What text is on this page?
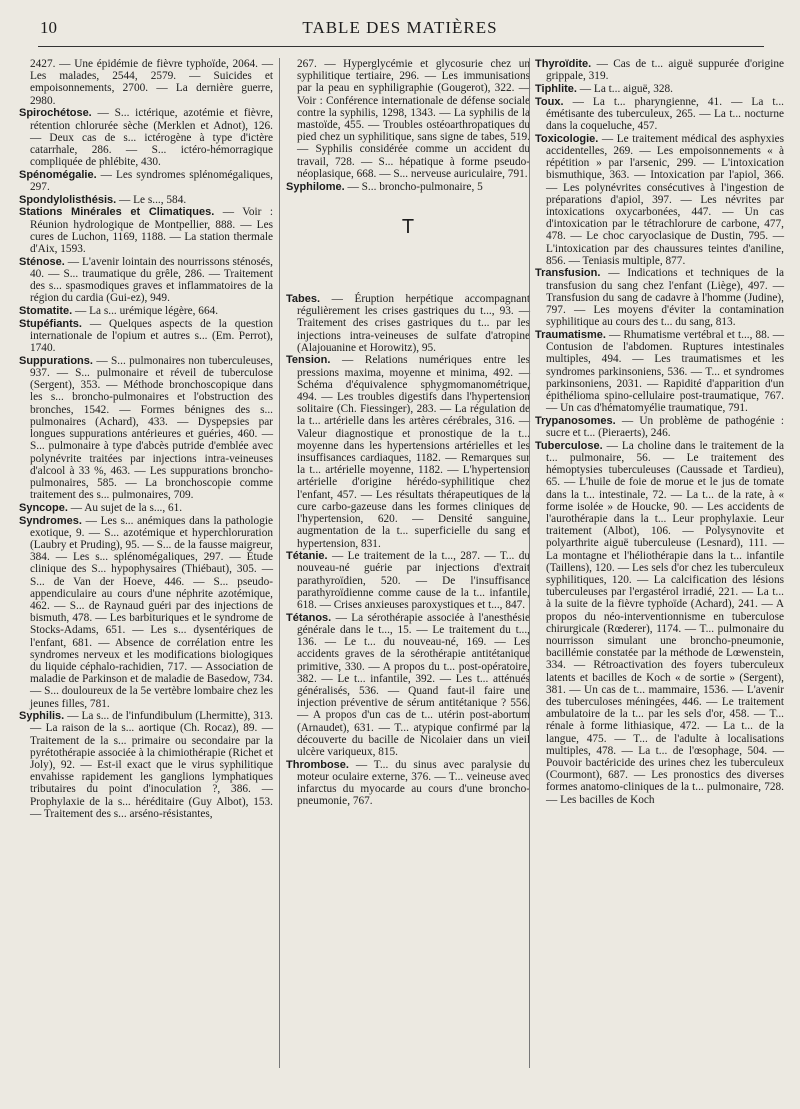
10	TABLE DES MATIÈRES
2427. — Une épidémie de fièvre typhoïde, 2064. — Les malades, 2544, 2579. — Suicides et empoisonnements, 2700. — La dernière guerre, 2980.
Spirochétose. — S... ictérique, azotémie et fièvre, rétention chlorurée sèche (Merklen et Adnot), 126. — Deux cas de s... ictérogène à type d'ictère catarrhale, 286. — S... ictéro-hémorragique compliquée de phlébite, 430.
Spénomégalie. — Les syndromes splénomégaliques, 297.
Spondylolisthésis. — Le s..., 584.
Stations Minérales et Climatiques. — Voir : Réunion hydrologique de Montpellier, 888. — Les cures de Luchon, 1169, 1188. — La station thermale d'Aix, 1593.
Sténose. — L'avenir lointain des nourrissons sténosés, 40. — S... traumatique du grêle, 286. — Traitement des s... spasmodiques graves et inflammatoires de la région du cardia (Gui-ez), 949.
Stomatite. — La s... urémique légère, 664.
Stupéfiants. — Quelques aspects de la question internationale de l'opium et autres s... (Em. Perrot), 1740.
Suppurations. — S... pulmonaires non tuberculeuses, 937. — S... pulmonaire et réveil de tuberculose (Sergent), 353. — Méthode bronchoscopique dans les s... broncho-pulmonaires et l'obstruction des bronches, 1542. — Formes bénignes des s... pulmonaires (Achard), 433. — Dyspepsies par longues suppurations antérieures et guéries, 460. — S... pulmonaire à type d'abcès putride d'emblée avec polynévrite traitées par injections intra-veineuses d'alcool à 33 %, 463. — Les suppurations broncho-pulmonaires, 585. — La bronchoscopie comme traitement des s... pulmonaires, 709.
Syncope. — Au sujet de la s..., 61.
Syndromes. — Les s... anémiques dans la pathologie exotique, 9. — S... azotémique et hyperchloruration (Laubry et Pruding), 95. — S... de la fausse maigreur, 384. — Les s... splénomégaliques, 297. — Étude clinique des S... hypophysaires (Thiébaut), 305. — S... de Van der Hoeve, 446. — S... pseudo-appendiculaire au cours d'une néphrite azotémique, 462. — S... de Raynaud guéri par des injections de bismuth, 478. — Les barbituriques et le syndrome de Stocks-Adams, 651. — Les s... dysentériques de l'enfant, 681. — Absence de corrélation entre les syndromes nerveux et les modifications biologiques du liquide céphalo-rachidien, 717. — Association de maladie de Parkinson et de maladie de Basedow, 734. — S... douloureux de la 5e vertèbre lombaire chez les jeunes filles, 781.
Syphilis. — La s... de l'infundibulum (Lhermitte), 313. — La raison de la s... aortique (Ch. Rocaz), 89. — Traitement de la s... primaire ou secondaire par la pyrétothérapie associée à la chimiothérapie (Richet et Joly), 92. — Est-il exact que le virus syphilitique envahisse rapidement les ganglions lymphatiques tributaires du point d'inoculation ?, 386. — Prophylaxie de la s... héréditaire (Guy Albot), 153. — Traitement des s... arséno-résistantes,
267. — Hyperglycémie et glycosurie chez un syphilitique tertiaire, 296. — Les immunisations par la peau en syphiligraphie (Gougerot), 322. — Voir : Conférence internationale de défense sociale contre la syphilis, 1298, 1343. — La syphilis de la mastoïde, 455. — Troubles ostéoarthropatiques du pied chez un syphilitique, sans signe de tabes, 519. — Syphilis considérée comme un accident du travail, 728. — S... hépatique à forme pseudo-néoplasique, 668. — S... nerveuse auriculaire, 791.
Syphilome. — S... broncho-pulmonaire, 5
T
Tabes. — Éruption herpétique accompagnant régulièrement les crises gastriques du t..., 93. — Traitement des crises gastriques du t... par les injections intra-veineuses de sulfate d'atropine (Alajouanine et Horowitz), 95.
Tension. — Relations numériques entre les pressions maxima, moyenne et minima, 492. — Schéma d'équivalence sphygmomanométrique, 494. — Les troubles digestifs dans l'hypertension solitaire (Ch. Fiessinger), 283. — La régulation de la t... artérielle dans les artères cérébrales, 316. — Valeur diagnostique et pronostique de la t... moyenne dans les hypertensions artérielles et les insuffisances cardiaques, 1182. — Remarques sur la t... artérielle moyenne, 1182. — L'hypertension artérielle d'origine hérédo-syphilitique chez l'enfant, 457. — Les résultats thérapeutiques de la cure carbo-gazeuse dans les formes cliniques de l'hypertension, 620. — Densité sanguine, augmentation de la t... superficielle du sang et hypertension, 831.
Tétanie. — Le traitement de la t..., 287. — T... du nouveau-né guérie par injections d'extrait parathyroïdien, 520. — De l'insuffisance parathyroïdienne comme cause de la t... infantile, 618. — Crises anxieuses paroxystiques et t..., 847.
Tétanos. — La sérothérapie associée à l'anesthésie générale dans le t..., 15. — Le traitement du t..., 136. — Le t... du nouveau-né, 169. — Les accidents graves de la sérothérapie antitétanique primitive, 330. — A propos du t... post-opératoire, 382. — Le t... infantile, 392. — Les t... atténués généralisés, 536. — Quand faut-il faire une injection préventive de sérum antitétanique ? 556. — A propos d'un cas de t... utérin post-abortum (Arnaudet), 631. — T... atypique confirmé par la découverte du bacille de Nicolaier dans un vieil ulcère variqueux, 815.
Thrombose. — T... du sinus avec paralysie du moteur oculaire externe, 376. — T... veineuse avec infarctus du myocarde au cours d'une broncho-pneumonie, 767.
Thyroïdite. — Cas de t... aiguë suppurée d'origine grippale, 319.
Tiphlite. — La t... aiguë, 328.
Toux. — La t... pharyngienne, 41. — La t... émétisante des tuberculeux, 265. — La t... nocturne dans la coqueluche, 457.
Toxicologie. — Le traitement médical des asphyxies accidentelles, 269. — Les empoisonnements « à répétition » par l'arsenic, 299. — L'intoxication bismuthique, 363. — Intoxication par l'apiol, 366. — Les polynévrites consécutives à l'ingestion de préparations d'apiol, 397. — Les névrites par intoxications oxycarbonées, 447. — Un cas d'intoxication par le tétrachlorure de carbone, 477, 478. — Le choc caryoclasique de Dustin, 795. — L'intoxication par des chaussures teintes d'aniline, 856. — Teniasis multiple, 877.
Transfusion. — Indications et techniques de la transfusion du sang chez l'enfant (Liège), 497. — Transfusion du sang de cadavre à l'homme (Judine), 797. — Les moyens d'éviter la contamination syphilitique au cours des t... du sang, 813.
Traumatisme. — Rhumatisme vertébral et t..., 88. — Contusion de l'abdomen. Ruptures intestinales multiples, 494. — Les traumatismes et les syndromes parkinsoniens, 536. — T... et syndromes parkinsoniens, 2031. — Rapidité d'apparition d'un épithélioma spino-cellulaire post-traumatique, 767. — Un cas d'hématomyélie traumatique, 791.
Trypanosomes. — Un problème de pathogénie : sucre et t... (Pieraerts), 246.
Tuberculose. — La choline dans le traitement de la t... pulmonaire, 56. — Le traitement des hémoptysies tuberculeuses (Caussade et Tardieu), 65. — L'huile de foie de morue et le jus de tomate dans la t... intestinale, 72. — La t... de la rate, à « forme isolée » de Houcke, 90. — Les accidents de l'aurothérapie dans la t... Leur prophylaxie. Leur traitement (Albot), 106. — Polysynovite et polyarthrite aiguë tuberculeuse (Lesnard), 111. — La montagne et l'héliothérapie dans la t... infantile (Taillens), 120. — Les sels d'or chez les tuberculeux syphilitiques, 120. — La calcification des lésions tuberculeuses par l'ergastérol irradié, 221. — La t... à la suite de la fièvre typhoïde (Achard), 241. — A propos du néo-interventionnisme en tuberculose chirurgicale (Rœderer), 1174. — T... pulmonaire du nourrisson simulant une broncho-pneumonie, bacillémie constatée par la méthode de Lœwenstein, 334. — Rétroactivation des foyers tuberculeux latents et bacilles de Koch « de sortie » (Sergent), 381. — Un cas de t... mammaire, 1536. — L'avenir des tuberculoses méningées, 446. — Le traitement ambulatoire de la t... par les sels d'or, 458. — T... rénale à forme lithiasique, 472. — La t... de la langue, 475. — T... de l'adulte à localisations multiples, 478. — La t... de l'œsophage, 504. — Pouvoir bactéricide des urines chez les tuberculeux (Courmont), 687. — Les pronostics des diverses formes anatomo-cliniques de la t... pulmonaire, 728. — Les bacilles de Koch
